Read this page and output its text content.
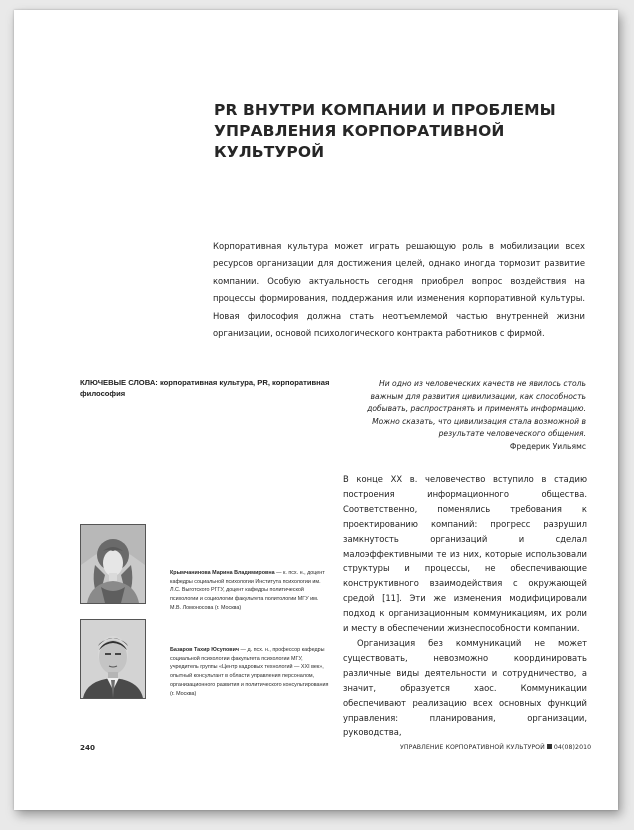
PR ВНУТРИ КОМПАНИИ И ПРОБЛЕМЫ
УПРАВЛЕНИЯ КОРПОРАТИВНОЙ КУЛЬТУРОЙ
Корпоративная культура может играть решающую роль в мобилизации всех ресурсов организации для достижения целей, однако иногда тормозит развитие компании. Особую актуальность сегодня приобрел вопрос воздействия на процессы формирования, поддержания или изменения корпоративной культуры. Новая философия должна стать неотъемлемой частью внутренней жизни организации, основой психологического контракта работников с фирмой.
КЛЮЧЕВЫЕ СЛОВА: корпоративная культура, PR, корпоративная философия
Ни одно из человеческих качеств не явилось столь важным для развития цивилизации, как способность добывать, распространять и применять информацию. Можно сказать, что цивилизация стала возможной в результате человеческого общения.
Фредерик Уильямс
Крымчанинова Марина Владимировна — к. псх. н., доцент кафедры социальной психологии Института психологии им. Л.С. Выготского РГГУ, доцент кафедры политической психологии и социологии факультета политологии МГУ им. М.В. Ломоносова (г. Москва)
Базаров Тахир Юсупович — д. псх. н., профессор кафедры социальной психологии факультета психологии МГУ, учредитель группы «Центр кадровых технологий — XXI век», опытный консультант в области управления персоналом, организационного развития и политического консультирования (г. Москва)

В конце XX в. человечество вступило в стадию построения информационного общества. Соответственно, поменялись требования к проектированию компаний: прогресс разрушил замкнутость организаций и сделал малоэффективными те из них, которые использовали структуры и процессы, не обеспечивающие конструктивного взаимодействия с окружающей средой [11]. Эти же изменения модифицировали подход к организационным коммуникациям, их роли и месту в обеспечении жизнеспособности компании.

Организация без коммуникаций не может существовать, невозможно координировать различные виды деятельности и сотрудничество, а значит, образуется хаос. Коммуникации обеспечивают реализацию всех основных функций управления: планирования, организации, руководства,

240	УПРАВЛЕНИЕ КОРПОРАТИВНОЙ КУЛЬТУРОЙ 04(08)2010
